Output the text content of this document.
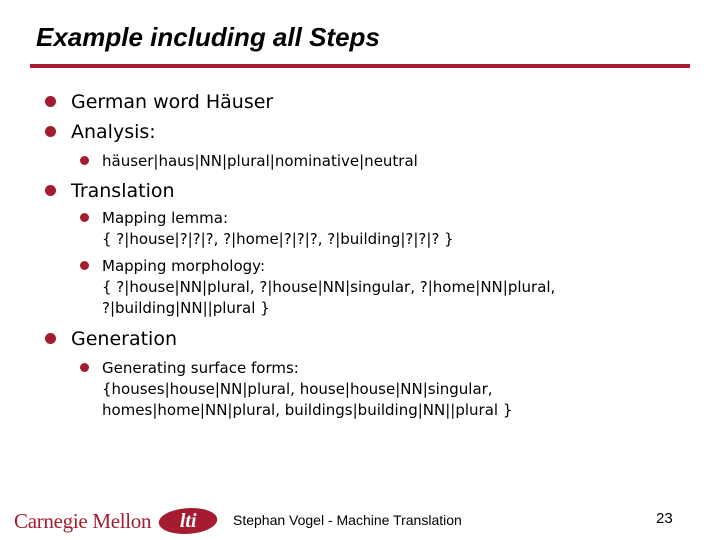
Example including all Steps
German word Häuser
Analysis:
häuser|haus|NN|plural|nominative|neutral
Translation
Mapping lemma:
{ ?|house|?|?|?, ?|home|?|?|?, ?|building|?|?|? }
Mapping morphology:
{ ?|house|NN|plural, ?|house|NN|singular, ?|home|NN|plural,
?|building|NN||plural }
Generation
Generating surface forms:
{houses|house|NN|plural, house|house|NN|singular,
homes|home|NN|plural, buildings|building|NN||plural }
Carnegie Mellon lti	Stephan Vogel - Machine Translation	23
